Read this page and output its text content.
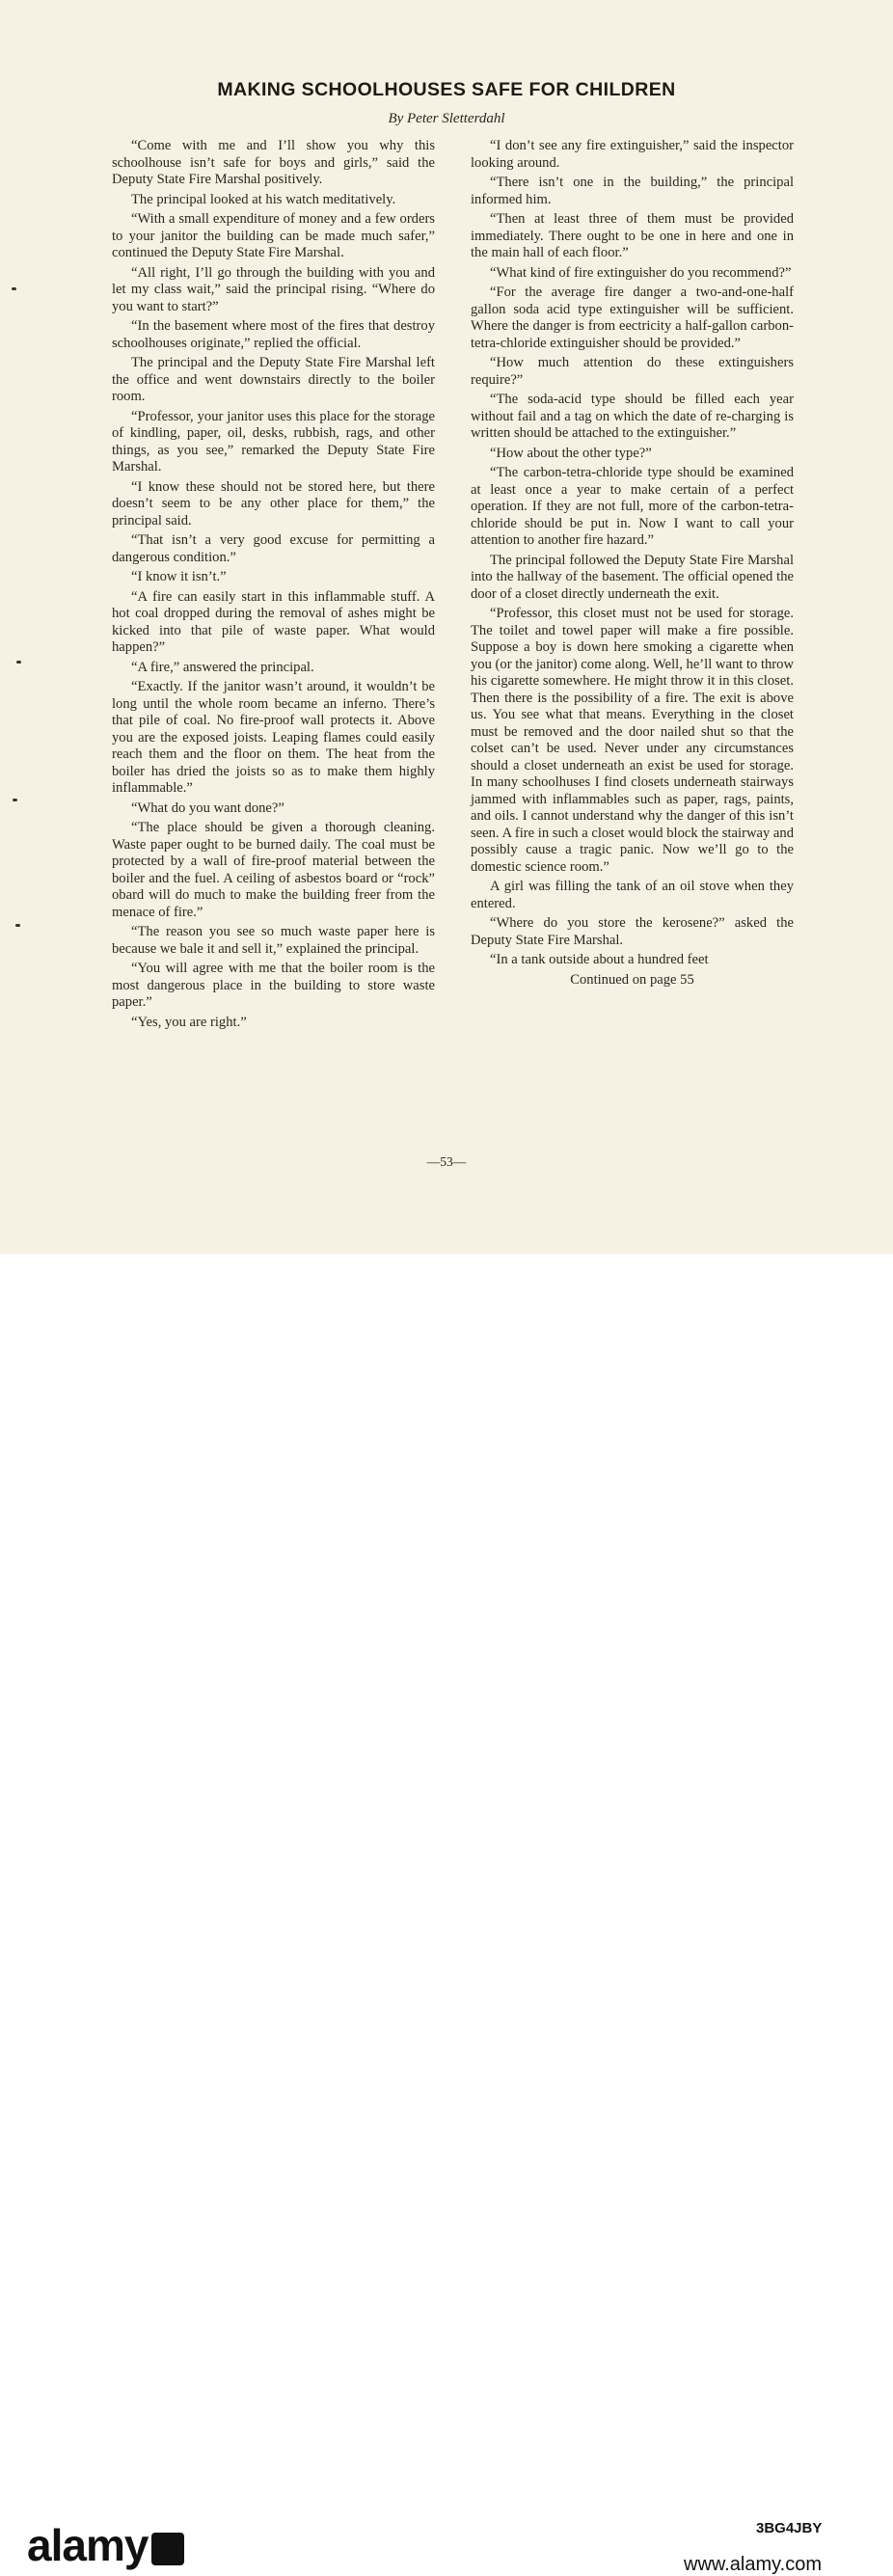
MAKING SCHOOLHOUSES SAFE FOR CHILDREN
By Peter Sletterdahl

“Come with me and I’ll show you why this schoolhouse isn’t safe for boys and girls,” said the Deputy State Fire Marshal positively.

The principal looked at his watch meditatively.

“With a small expenditure of money and a few orders to your janitor the building can be made much safer,” continued the Deputy State Fire Marshal.

“All right, I’ll go through the building with you and let my class wait,” said the principal rising. “Where do you want to start?”

“In the basement where most of the fires that destroy schoolhouses originate,” replied the official.

The principal and the Deputy State Fire Marshal left the office and went downstairs directly to the boiler room.

“Professor, your janitor uses this place for the storage of kindling, paper, oil, desks, rubbish, rags, and other things, as you see,” remarked the Deputy State Fire Marshal.

“I know these should not be stored here, but there doesn’t seem to be any other place for them,” the principal said.

“That isn’t a very good excuse for permitting a dangerous condition.”

“I know it isn’t.”

“A fire can easily start in this inflammable stuff. A hot coal dropped during the removal of ashes might be kicked into that pile of waste paper. What would happen?”

“A fire,” answered the principal.

“Exactly. If the janitor wasn’t around, it wouldn’t be long until the whole room became an inferno. There’s that pile of coal. No fire-proof wall protects it. Above you are the exposed joists. Leaping flames could easily reach them and the floor on them. The heat from the boiler has dried the joists so as to make them highly inflammable.”

“What do you want done?”

“The place should be given a thorough cleaning. Waste paper ought to be burned daily. The coal must be protected by a wall of fire-proof material between the boiler and the fuel. A ceiling of asbestos board or “rock” obard will do much to make the building freer from the menace of fire.”

“The reason you see so much waste paper here is because we bale it and sell it,” explained the principal.

“You will agree with me that the boiler room is the most dangerous place in the building to store waste paper.”

“Yes, you are right.”

“I don’t see any fire extinguisher,” said the inspector looking around.

“There isn’t one in the building,” the principal informed him.

“Then at least three of them must be provided immediately. There ought to be one in here and one in the main hall of each floor.”

“What kind of fire extinguisher do you recommend?”

“For the average fire danger a two-and-one-half gallon soda acid type extinguisher will be sufficient. Where the danger is from eectricity a half-gallon carbon-tetra-chloride extinguisher should be provided.”

“How much attention do these extinguishers require?”

“The soda-acid type should be filled each year without fail and a tag on which the date of re-charging is written should be attached to the extinguisher.”

“How about the other type?”

“The carbon-tetra-chloride type should be examined at least once a year to make certain of a perfect operation. If they are not full, more of the carbon-tetra-chloride should be put in. Now I want to call your attention to another fire hazard.”

The principal followed the Deputy State Fire Marshal into the hallway of the basement. The official opened the door of a closet directly underneath the exit.

“Professor, this closet must not be used for storage. The toilet and towel paper will make a fire possible. Suppose a boy is down here smoking a cigarette when you (or the janitor) come along. Well, he’ll want to throw his cigarette somewhere. He might throw it in this closet. Then there is the possibility of a fire. The exit is above us. You see what that means. Everything in the closet must be removed and the door nailed shut so that the colset can’t be used. Never under any circumstances should a closet underneath an exist be used for storage. In many schoolhuses I find closets underneath stairways jammed with inflammables such as paper, rags, paints, and oils. I cannot understand why the danger of this isn’t seen. A fire in such a closet would block the stairway and possibly cause a tragic panic. Now we’ll go to the domestic science room.”

A girl was filling the tank of an oil stove when they entered.

“Where do you store the kerosene?” asked the Deputy State Fire Marshal.

“In a tank outside about a hundred feet

Continued on page 55

—53—
alamy	3BG4JBY
www.alamy.com
